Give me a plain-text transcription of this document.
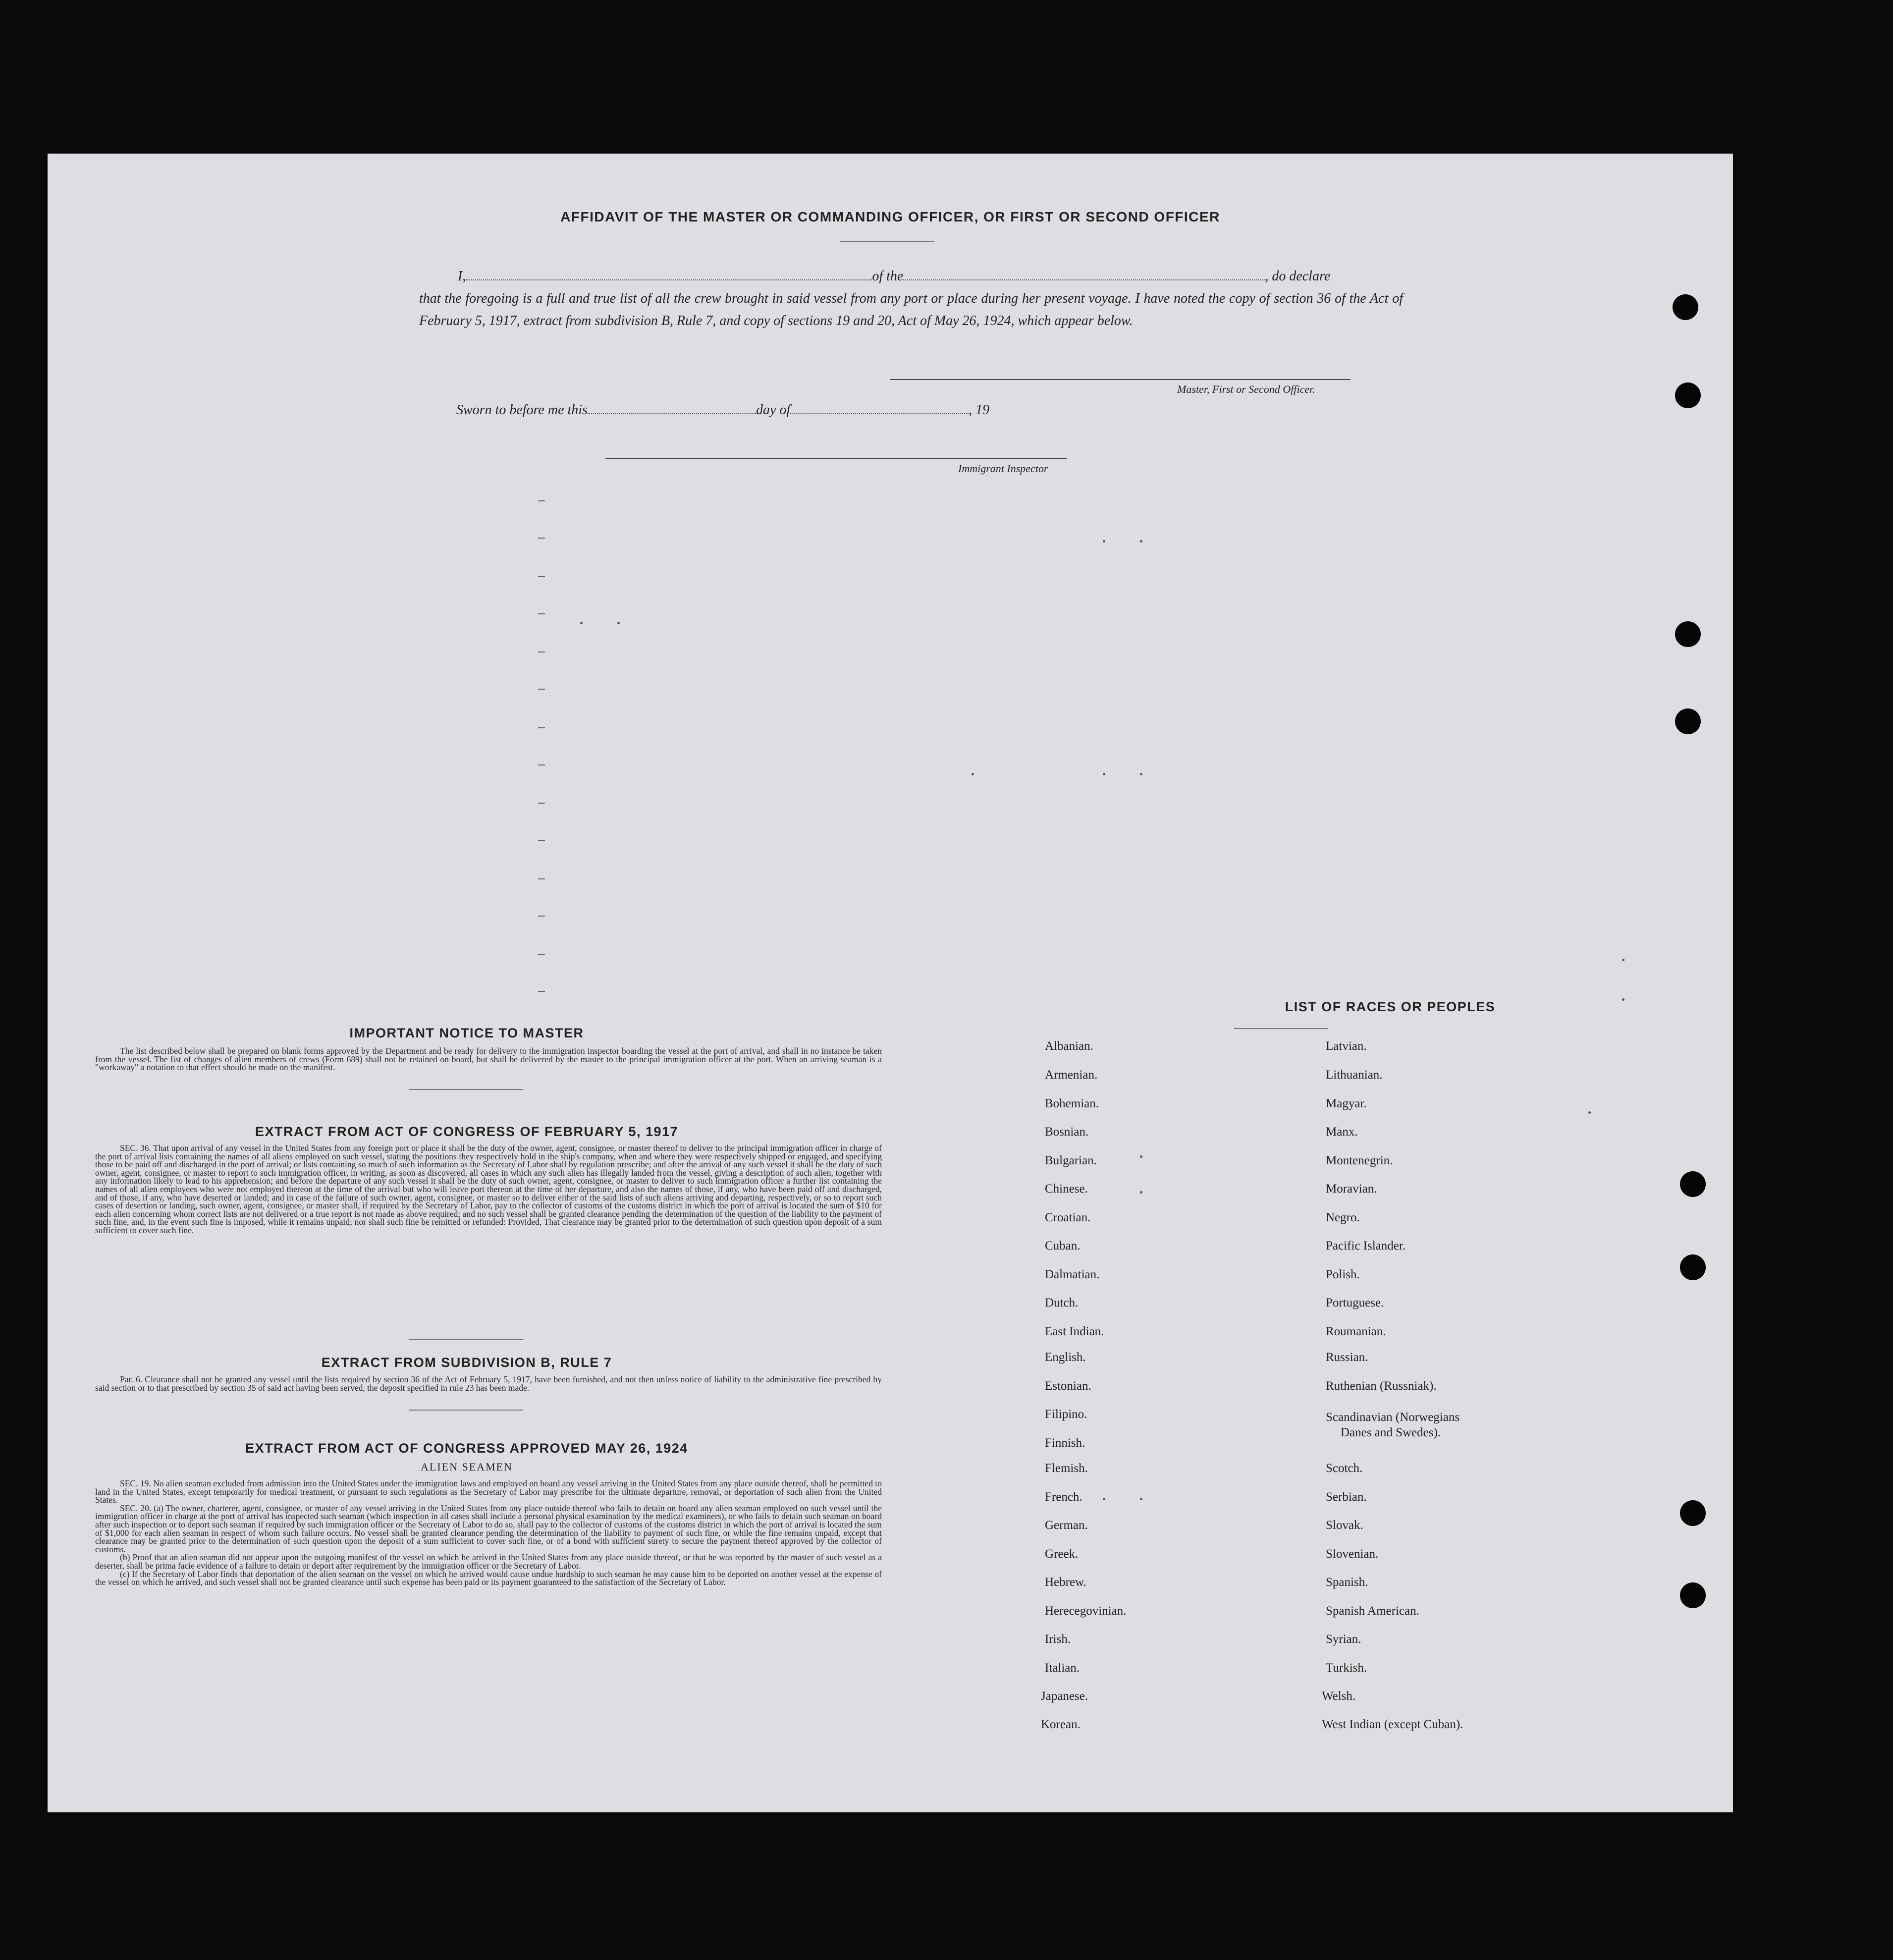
AFFIDAVIT OF THE MASTER OR COMMANDING OFFICER, OR FIRST OR SECOND OFFICER
I,	of the	, do declare
that the foregoing is a full and true list of all the crew brought in said vessel from any port or place during her present voyage. I have noted the copy of section 36 of the Act of February 5, 1917, extract from subdivision B, Rule 7, and copy of sections 19 and 20, Act of May 26, 1924, which appear below.
Master, First or Second Officer.
Sworn to before me this	day of	, 19
Immigrant Inspector
IMPORTANT NOTICE TO MASTER

The list described below shall be prepared on blank forms approved by the Department and be ready for delivery to the immigration inspector boarding the vessel at the port of arrival, and shall in no instance be taken from the vessel. The list of changes of alien members of crews (Form 689) shall not be retained on board, but shall be delivered by the master to the principal immigration officer at the port. When an arriving seaman is a "workaway" a notation to that effect should be made on the manifest.

EXTRACT FROM ACT OF CONGRESS OF FEBRUARY 5, 1917

SEC. 36. That upon arrival of any vessel in the United States from any foreign port or place it shall be the duty of the owner, agent, consignee, or master thereof to deliver to the principal immigration officer in charge of the port of arrival lists containing the names of all aliens employed on such vessel, stating the positions they respectively hold in the ship's company, when and where they were respectively shipped or engaged, and specifying those to be paid off and discharged in the port of arrival; or lists containing so much of such information as the Secretary of Labor shall by regulation prescribe; and after the arrival of any such vessel it shall be the duty of such owner, agent, consignee, or master to report to such immigration officer, in writing, as soon as discovered, all cases in which any such alien has illegally landed from the vessel, giving a description of such alien, together with any information likely to lead to his apprehension; and before the departure of any such vessel it shall be the duty of such owner, agent, consignee, or master to deliver to such immigration officer a further list containing the names of all alien employees who were not employed thereon at the time of the arrival but who will leave port thereon at the time of her departure, and also the names of those, if any, who have been paid off and discharged, and of those, if any, who have deserted or landed; and in case of the failure of such owner, agent, consignee, or master so to deliver either of the said lists of such aliens arriving and departing, respectively, or so to report such cases of desertion or landing, such owner, agent, consignee, or master shall, if required by the Secretary of Labor, pay to the collector of customs of the customs district in which the port of arrival is located the sum of $10 for each alien concerning whom correct lists are not delivered or a true report is not made as above required; and no such vessel shall be granted clearance pending the determination of the question of the liability to the payment of such fine, and, in the event such fine is imposed, while it remains unpaid; nor shall such fine be remitted or refunded: Provided, That clearance may be granted prior to the determination of such question upon deposit of a sum sufficient to cover such fine.

EXTRACT FROM SUBDIVISION B, RULE 7

Par. 6. Clearance shall not be granted any vessel until the lists required by section 36 of the Act of February 5, 1917, have been furnished, and not then unless notice of liability to the administrative fine prescribed by said section or to that prescribed by section 35 of said act having been served, the deposit specified in rule 23 has been made.

EXTRACT FROM ACT OF CONGRESS APPROVED MAY 26, 1924
ALIEN SEAMEN

SEC. 19. No alien seaman excluded from admission into the United States under the immigration laws and employed on board any vessel arriving in the United States from any place outside thereof, shall be permitted to land in the United States, except temporarily for medical treatment, or pursuant to such regulations as the Secretary of Labor may prescribe for the ultimate departure, removal, or deportation of such alien from the United States.

SEC. 20. (a) The owner, charterer, agent, consignee, or master of any vessel arriving in the United States from any place outside thereof who fails to detain on board any alien seaman employed on such vessel until the immigration officer in charge at the port of arrival has inspected such seaman (which inspection in all cases shall include a personal physical examination by the medical examiners), or who fails to detain such seaman on board after such inspection or to deport such seaman if required by such immigration officer or the Secretary of Labor to do so, shall pay to the collector of customs of the customs district in which the port of arrival is located the sum of $1,000 for each alien seaman in respect of whom such failure occurs. No vessel shall be granted clearance pending the determination of the liability to payment of such fine, or while the fine remains unpaid, except that clearance may be granted prior to the determination of such question upon the deposit of a sum sufficient to cover such fine, or of a bond with sufficient surety to secure the payment thereof approved by the collector of customs.

(b) Proof that an alien seaman did not appear upon the outgoing manifest of the vessel on which he arrived in the United States from any place outside thereof, or that he was reported by the master of such vessel as a deserter, shall be prima facie evidence of a failure to detain or deport after requirement by the immigration officer or the Secretary of Labor.

(c) If the Secretary of Labor finds that deportation of the alien seaman on the vessel on which he arrived would cause undue hardship to such seaman he may cause him to be deported on another vessel at the expense of the vessel on which he arrived, and such vessel shall not be granted clearance until such expense has been paid or its payment guaranteed to the satisfaction of the Secretary of Labor.

LIST OF RACES OR PEOPLES
Albanian.
Armenian.
Bohemian.
Bosnian.
Bulgarian.
Chinese.
Croatian.
Cuban.
Dalmatian.
Dutch.
East Indian.
English.
Estonian.
Filipino.
Finnish.
Flemish.
French.
German.
Greek.
Hebrew.
Herecegovinian.
Irish.
Italian.
Japanese.
Korean.
Latvian.
Lithuanian.
Magyar.
Manx.
Montenegrin.
Moravian.
Negro.
Pacific Islander.
Polish.
Portuguese.
Roumanian.
Russian.
Ruthenian (Russniak).
Scandinavian (Norwegians
Danes and Swedes).
Scotch.
Serbian.
Slovak.
Slovenian.
Spanish.
Spanish American.
Syrian.
Turkish.
Welsh.
West Indian (except Cuban).
